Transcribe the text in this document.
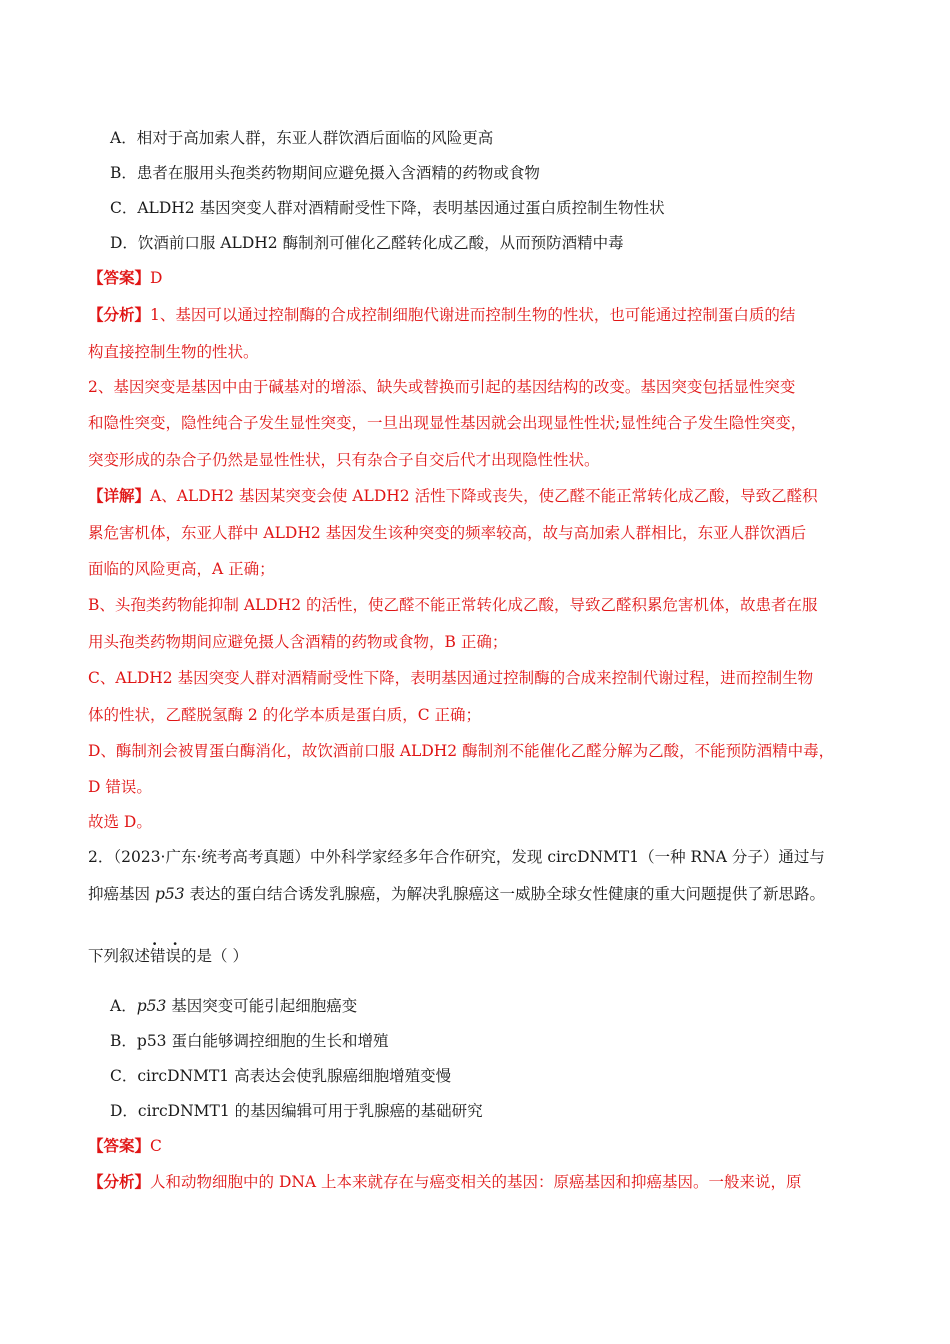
A．相对于高加索人群，东亚人群饮酒后面临的风险更高
B．患者在服用头孢类药物期间应避免摄入含酒精的药物或食物
C．ALDH2 基因突变人群对酒精耐受性下降，表明基因通过蛋白质控制生物性状
D．饮酒前口服 ALDH2 酶制剂可催化乙醛转化成乙酸，从而预防酒精中毒
【答案】D
【分析】1、基因可以通过控制酶的合成控制细胞代谢进而控制生物的性状，也可能通过控制蛋白质的结
构直接控制生物的性状。
2、基因突变是基因中由于碱基对的增添、缺失或替换而引起的基因结构的改变。基因突变包括显性突变
和隐性突变，隐性纯合子发生显性突变，一旦出现显性基因就会出现显性性状;显性纯合子发生隐性突变，
突变形成的杂合子仍然是显性性状，只有杂合子自交后代才出现隐性性状。
【详解】A、ALDH2 基因某突变会使 ALDH2 活性下降或丧失，使乙醛不能正常转化成乙酸，导致乙醛积
累危害机体，东亚人群中 ALDH2 基因发生该种突变的频率较高，故与高加索人群相比，东亚人群饮酒后
面临的风险更高，A 正确；
B、头孢类药物能抑制 ALDH2 的活性，使乙醛不能正常转化成乙酸，导致乙醛积累危害机体，故患者在服
用头孢类药物期间应避免摄人含酒精的药物或食物，B 正确；
C、ALDH2 基因突变人群对酒精耐受性下降，表明基因通过控制酶的合成来控制代谢过程，进而控制生物
体的性状，乙醛脱氢酶 2 的化学本质是蛋白质，C 正确；
D、酶制剂会被胃蛋白酶消化，故饮酒前口服 ALDH2 酶制剂不能催化乙醛分解为乙酸，不能预防酒精中毒，
D 错误。
故选 D。
2．（2023·广东·统考高考真题）中外科学家经多年合作研究，发现 circDNMT1（一种 RNA 分子）通过与
抑癌基因 p53 表达的蛋白结合诱发乳腺癌，为解决乳腺癌这一威胁全球女性健康的重大问题提供了新思路。
下列叙述· · 错误的是（ ）
A．p53 基因突变可能引起细胞癌变
B．p53 蛋白能够调控细胞的生长和增殖
C．circDNMT1 高表达会使乳腺癌细胞增殖变慢
D．circDNMT1 的基因编辑可用于乳腺癌的基础研究
【答案】C
【分析】人和动物细胞中的 DNA 上本来就存在与癌变相关的基因：原癌基因和抑癌基因。一般来说，原
